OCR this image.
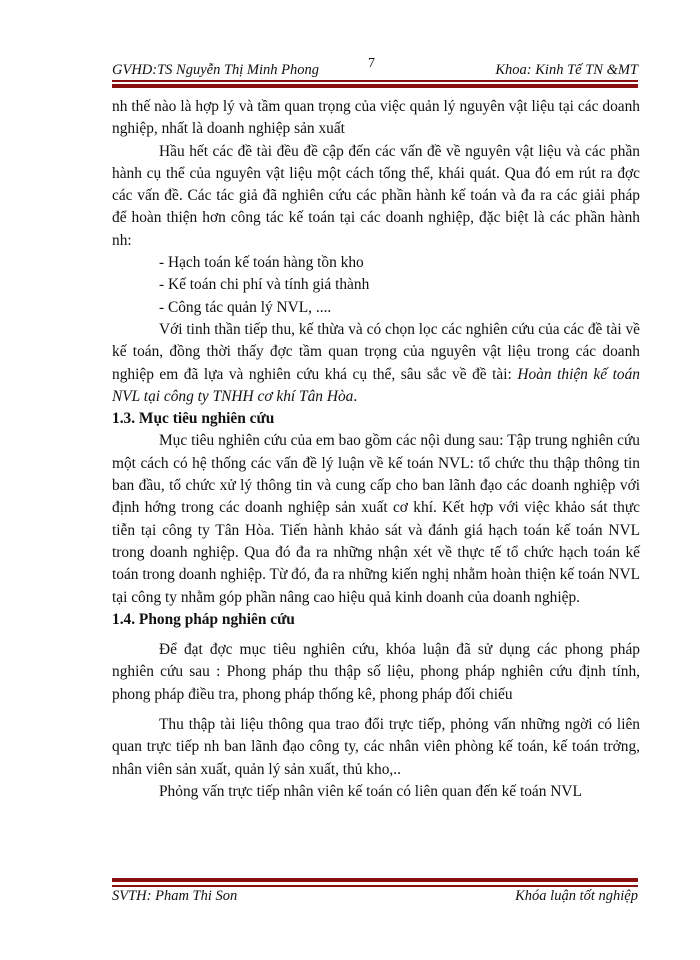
GVHD:TS Nguyễn Thị Minh Phong	7	Khoa: Kinh Tế TN &MT

nh thế nào là hợp lý và tầm quan trọng của việc quản lý nguyên vật liệu tại các doanh nghiệp, nhất là doanh nghiệp sản xuất

Hầu hết các đề tài đều đề cập đến các vấn đề về nguyên vật liệu và các phần hành cụ thể của nguyên vật liệu một cách tổng thể, khái quát. Qua đó em rút ra đợc các vấn đề. Các tác giả đã nghiên cứu các phần hành kế toán và đa ra các giải pháp để hoàn thiện hơn công tác kế toán tại các doanh nghiệp, đặc biệt là các phần hành nh:

- Hạch toán kế toán hàng tồn kho

- Kế toán chi phí và tính giá thành

- Công tác quản lý NVL, ....

Với tinh thần tiếp thu, kế thừa và có chọn lọc các nghiên cứu của các đề tài về kế toán, đồng thời thấy đợc tầm quan trọng của nguyên vật liệu trong các doanh nghiệp em đã lựa và nghiên cứu khá cụ thể, sâu sắc về đề tài: Hoàn thiện kế toán NVL tại công ty TNHH cơ khí Tân Hòa.

1.3. Mục tiêu nghiên cứu

Mục tiêu nghiên cứu của em bao gồm các nội dung sau: Tập trung nghiên cứu một cách có hệ thống các vấn đề lý luận về kế toán NVL: tổ chức thu thập thông tin ban đầu, tổ chức xử lý thông tin và cung cấp cho ban lãnh đạo các doanh nghiệp với định hớng trong các doanh nghiệp sản xuất cơ khí. Kết hợp với việc khảo sát thực tiễn tại công ty Tân Hòa. Tiến hành khảo sát và đánh giá hạch toán kế toán NVL trong doanh nghiệp. Qua đó đa ra những nhận xét về thực tế tổ chức hạch toán kế toán trong doanh nghiệp. Từ đó, đa ra những kiến nghị nhằm hoàn thiện kế toán NVL tại công ty nhằm góp phần nâng cao hiệu quả kinh doanh của doanh nghiệp.

1.4. Phong pháp nghiên cứu

Để đạt đợc mục tiêu nghiên cứu, khóa luận đã sử dụng các phong pháp nghiên cứu sau : Phong pháp thu thập số liệu, phong pháp nghiên cứu định tính, phong pháp điều tra, phong pháp thống kê, phong pháp đối chiếu

Thu thập tài liệu thông qua trao đổi trực tiếp, phỏng vấn những ngời có liên quan trực tiếp nh ban lãnh đạo công ty, các nhân viên phòng kế toán, kế toán trởng, nhân viên sản xuất, quản lý sản xuất, thủ kho,..

Phỏng vấn trực tiếp nhân viên kế toán có liên quan đến kế toán NVL

SVTH: Pham Thi Son	Khóa luận tốt nghiệp
